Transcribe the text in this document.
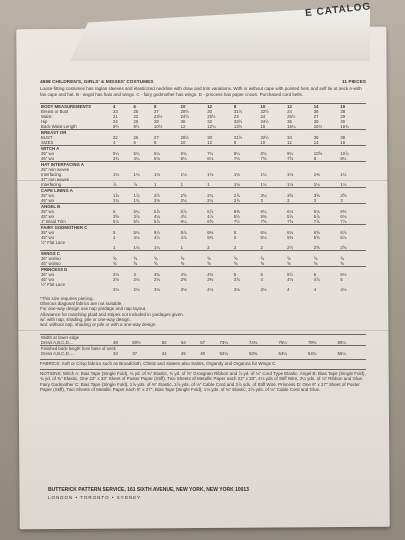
E CATALOG
4698 CHILDREN'S, GIRLS' & MISSES' COSTUMES	11 PIECES
Loose-fitting costumes has raglan sleeves and elasticized neckline with draw and trim variations. With or without cape with pointed hem and self tie at neck A-with fan cape and hat. B - angel has halo and wings. C - fairy godmother has wings. D - princess has paper crown. Purchased cord belts.
BODY MEASUREMENTS	4	6	8	10	12	8	10	12	14	16
Breast or Bust	23	25	27	28½	30	31½	32½	34	36	38
Waist	21	22	23½	24½	25½	23	24	25½	27	29
Hip	24	26	28	30	32	33½	34½	36	38	40
Back Waist Length	8½	9½	10½	12	12¾	13½	15	16¼	16½	16¾
BREAST OR										
BUST	22	25	27	28½	30	31½	32½	34	36	38
SIZES	4	6	8	10	12	8	10	12	14	16
WITCH A										
35" wo	5¼	5¾	6¼	6¾	7¼	8¼	8¾	9¼	10⅝	10⅞
45" wo	3¾	4¼	5⅛	5¼	6⅛	7⅛	7⅜	7⅝	8	8¼
HAT INTERFACING A										
25" non woven										
Interfacing	1⅛	1⅛	1⅛	1⅛	1⅛	1⅛	1¼	1⅛	1⅜	1¼
37" non woven										
Interfacing	⅞	⅞	1	1	1	1⅛	1⅛	1⅛	1⅛	1⅛
CAPE LINING A										
35" wo	1⅞	1⅞	2½	2⅝	2¾	2⅞	3¼	3⅝	3⅝	3⅝
45" wo	1¾	1¾	2⅛	2⅛	2¼	2⅞	3	3	3	3
ANGEL B										
35" wo	5	5¼	5⅞	5⅞	6⅞	6⅜	6¼	6⅛	6⅛	6⅜
45" wo	3⅝	3⅞	4¼	4½	4⅞	5½	5⅜	5⅞	5⅞	6⅛
1" Braid Trim	5⅛	5½	5⅞	6¼	6⅝	7½	7⅝	7⅝	7⅞	7⅞
FAIRY GODMOTHER C										
35" wo	5	5⅛	5½	5⅞	6⅜	6	6⅛	6⅛	6⅝	6⅞
45" wo	4	4⅛	4½	4⅞	5⅜	5	5⅛	5⅜	5⅝	5⅞
½" Flat Lace										
	1	1⅛	1¼	1	2	2	2	2½	2⅝	2⅝
WINGS C										
35" wo/wo	⅝	⅝	⅝	⅝	⅝	⅝	⅝	⅝	⅝	⅝
45" wo/wo	⅝	⅝	⅝	⅝	⅝	⅝	⅝	⅝	⅝	⅝
PRINCESS D										
35" wo	2⅛	3	3¾	4¾	4¾	5	5	5½	6	6⅛
45" wo	2⅛	2⅛	2⅛	2⅜	3⅜	3⅞	4	4⅛	4⅞	5
½" Flat Lace										
	2⅛	2⅛	3⅛	3⅛	4⅛	3⅛	3⅛	4	4	4⅛
*This size requires piecing.
Obvious diagonal fabrics are not suitable.
For one-way design use nap yardage and nap layout.
Allowance for matching plaid and stripes not included in yardages given.
w/: with nap, shading, pile or one-way design.
wo/: without nap, shading or pile or with a one-way design.
Width at lower edge										
Dress A,B,C,D....	48	50½	62	64	67	73¼	74¾	76¼	78¾	80¼
Finished back length from base of neck										
Dress A,B,C,D.....	33	37	41	45	49	53¼	53¾	54¼	54¾	55¼
FABRICS: Soft or Crisp fabrics such as Broadcloth, Chintz and Sateen also Satins, Organdy and Organza for Wings C.
NOTIONS: Witch A: Bias Tape (Single Fold), ¾ yd. of ⅜" Elastic, ¾ yd. of ⅝" Grosgrain Ribbon and ⅞ yd. of ⅛" Cord Type Elastic. Angel B: Bias Tape (Single Fold), ¾ yd. of ⅜" Elastic, One 22" x 33" Sheet of Poster Paper (Stiff), Two Sheets of Metallic Paper each 22" x 33", 4⅛ yds of Stiff Wire, 3¼ yds. of ⅛" Ribbon and Glue. Fairy Godmother C: Bias Tape (Single Fold), 1⅞ yds. of ⅜" Elastic, 2⅞ yds. of ⅛" Cable Cord and 2⅞ yds. of Stiff Wire. Princess D: One 6" x 27" Sheet of Poster Paper (Stiff), Two Sheets of Metallic Paper each 6" x 27", Bias Tape (Single Fold), 1⅛ yds. of ⅜" Elastic, 2⅞ yds. of ⅛" Cable Cord and Glue.
BUTTERICK PATTERN SERVICE, 161 SIXTH AVENUE, NEW YORK, NEW YORK 10013
LONDON • TORONTO • SYDNEY
